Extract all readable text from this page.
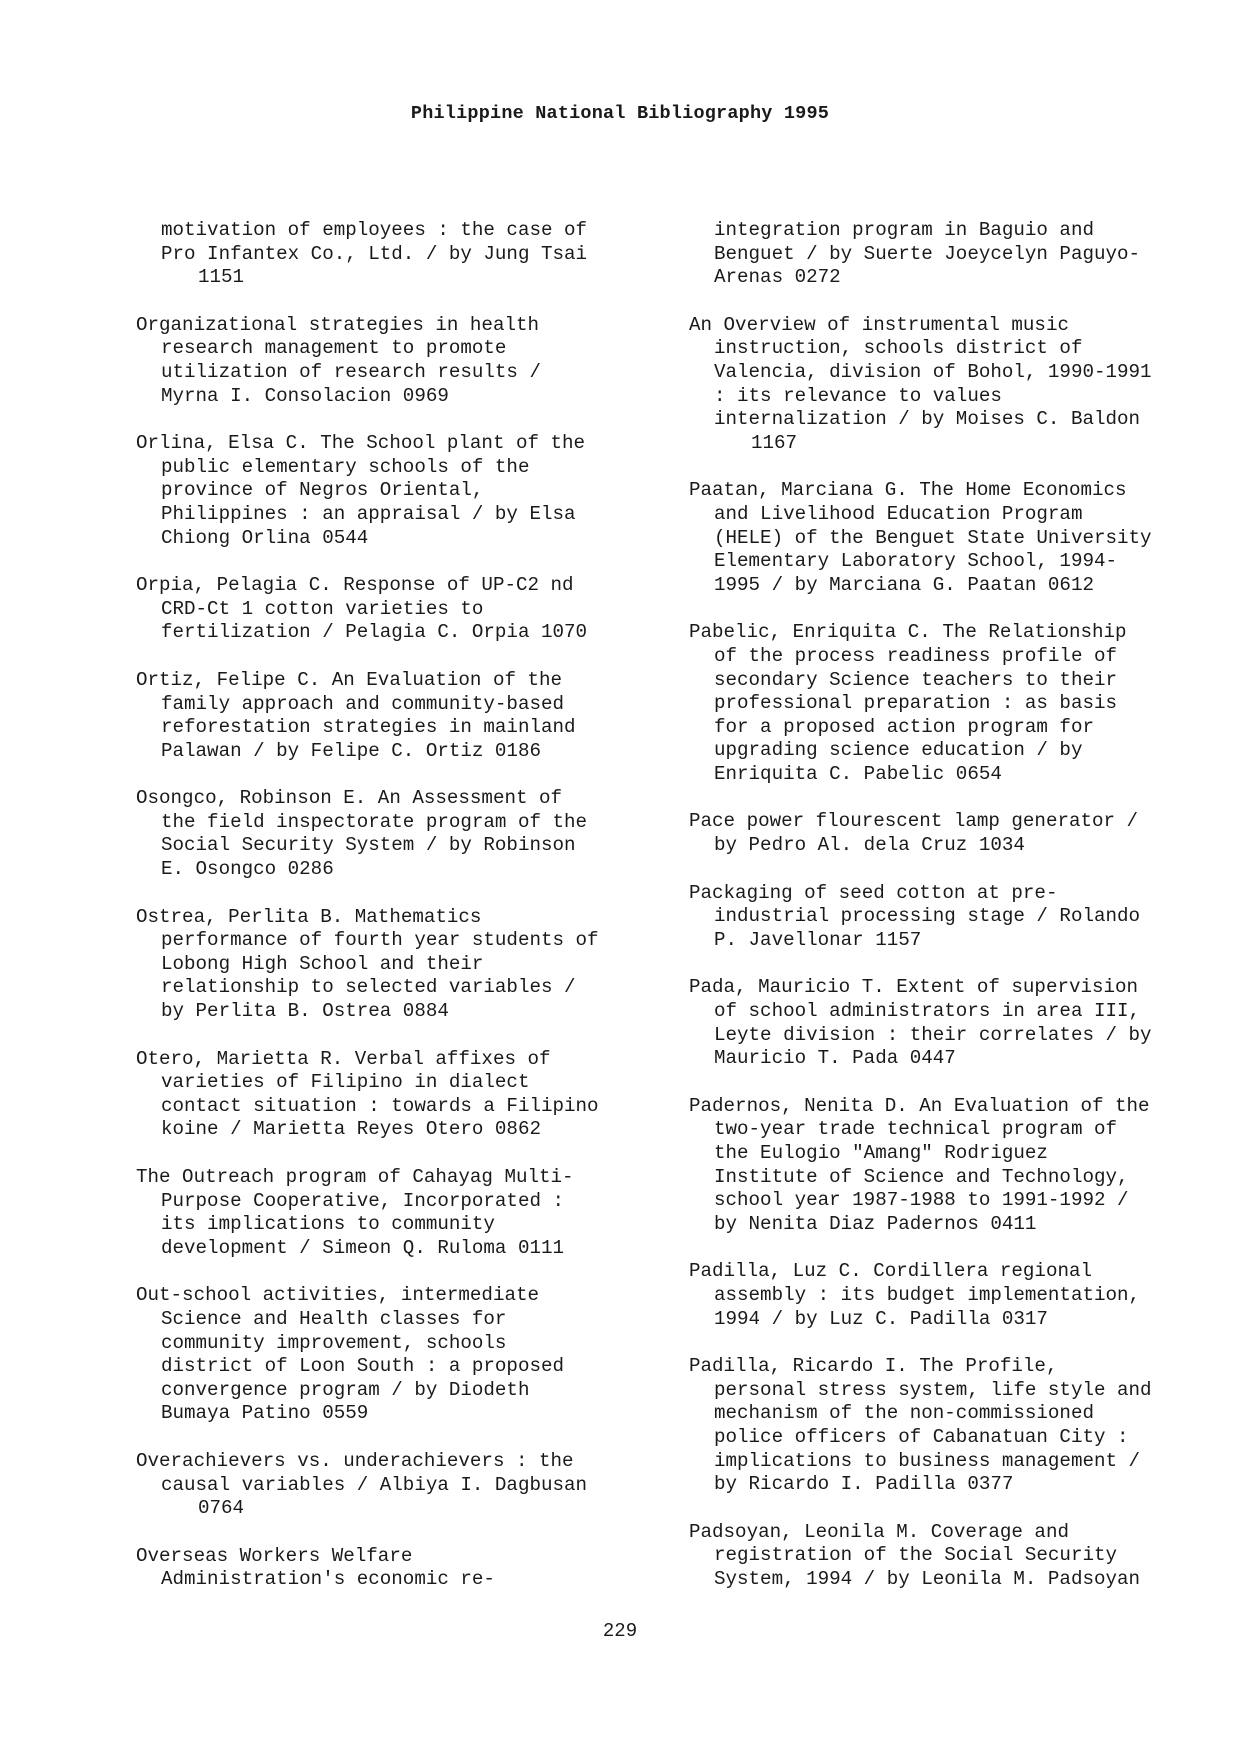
Philippine National Bibliography 1995

motivation of employees : the case of

Pro Infantex Co., Ltd. / by Jung Tsai

1151

Organizational strategies in health

research management to promote

utilization of research results /

Myrna I. Consolacion 0969

Orlina, Elsa C. The School plant of the

public elementary schools of the

province of Negros Oriental,

Philippines : an appraisal / by Elsa

Chiong Orlina 0544

Orpia, Pelagia C. Response of UP-C2 nd

CRD-Ct 1 cotton varieties to

fertilization / Pelagia C. Orpia 1070

Ortiz, Felipe C. An Evaluation of the

family approach and community-based

reforestation strategies in mainland

Palawan / by Felipe C. Ortiz 0186

Osongco, Robinson E. An Assessment of

the field inspectorate program of the

Social Security System / by Robinson

E. Osongco 0286

Ostrea, Perlita B. Mathematics

performance of fourth year students of

Lobong High School and their

relationship to selected variables /

by Perlita B. Ostrea 0884

Otero, Marietta R. Verbal affixes of

varieties of Filipino in dialect

contact situation : towards a Filipino

koine / Marietta Reyes Otero 0862

The Outreach program of Cahayag Multi-

Purpose Cooperative, Incorporated :

its implications to community

development / Simeon Q. Ruloma 0111

Out-school activities, intermediate

Science and Health classes for

community improvement, schools

district of Loon South : a proposed

convergence program / by Diodeth

Bumaya Patino 0559

Overachievers vs. underachievers : the

causal variables / Albiya I. Dagbusan

0764

Overseas Workers Welfare

Administration's economic re-

integration program in Baguio and

Benguet / by Suerte Joeycelyn Paguyo-

Arenas 0272

An Overview of instrumental music

instruction, schools district of

Valencia, division of Bohol, 1990-1991

: its relevance to values

internalization / by Moises C. Baldon

1167

Paatan, Marciana G. The Home Economics

and Livelihood Education Program

(HELE) of the Benguet State University

Elementary Laboratory School, 1994-

1995 / by Marciana G. Paatan 0612

Pabelic, Enriquita C. The Relationship

of the process readiness profile of

secondary Science teachers to their

professional preparation : as basis

for a proposed action program for

upgrading science education / by

Enriquita C. Pabelic 0654

Pace power flourescent lamp generator /

by Pedro Al. dela Cruz 1034

Packaging of seed cotton at pre-

industrial processing stage / Rolando

P. Javellonar 1157

Pada, Mauricio T. Extent of supervision

of school administrators in area III,

Leyte division : their correlates / by

Mauricio T. Pada 0447

Padernos, Nenita D. An Evaluation of the

two-year trade technical program of

the Eulogio "Amang" Rodriguez

Institute of Science and Technology,

school year 1987-1988 to 1991-1992 /

by Nenita Diaz Padernos 0411

Padilla, Luz C. Cordillera regional

assembly : its budget implementation,

1994 / by Luz C. Padilla 0317

Padilla, Ricardo I. The Profile,

personal stress system, life style and

mechanism of the non-commissioned

police officers of Cabanatuan City :

implications to business management /

by Ricardo I. Padilla 0377

Padsoyan, Leonila M. Coverage and

registration of the Social Security

System, 1994 / by Leonila M. Padsoyan

229
